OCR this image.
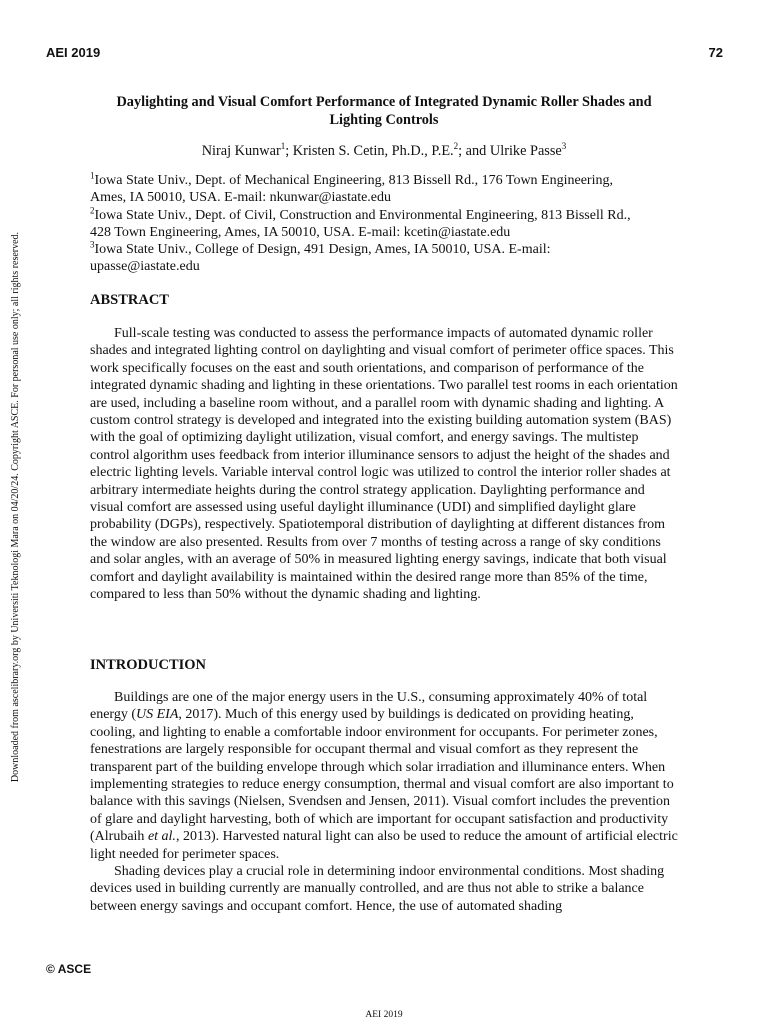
AEI 2019	72
Downloaded from ascelibrary.org by Universiti Teknologi Mara on 04/20/24. Copyright ASCE. For personal use only; all rights reserved.
Daylighting and Visual Comfort Performance of Integrated Dynamic Roller Shades and
Lighting Controls
Niraj Kunwar$^1$; Kristen S. Cetin, Ph.D., P.E.$^2$; and Ulrike Passe$^3$

$^1$Iowa State Univ., Dept. of Mechanical Engineering, 813 Bissell Rd., 176 Town Engineering,

Ames, IA 50010, USA. E-mail: nkunwar@iastate.edu

$^2$Iowa State Univ., Dept. of Civil, Construction and Environmental Engineering, 813 Bissell Rd.,

428 Town Engineering, Ames, IA 50010, USA. E-mail: kcetin@iastate.edu

$^3$Iowa State Univ., College of Design, 491 Design, Ames, IA 50010, USA. E-mail:

upasse@iastate.edu

ABSTRACT

Full-scale testing was conducted to assess the performance impacts of automated dynamic roller shades and integrated lighting control on daylighting and visual comfort of perimeter office spaces. This work specifically focuses on the east and south orientations, and comparison of performance of the integrated dynamic shading and lighting in these orientations. Two parallel test rooms in each orientation are used, including a baseline room without, and a parallel room with dynamic shading and lighting. A custom control strategy is developed and integrated into the existing building automation system (BAS) with the goal of optimizing daylight utilization, visual comfort, and energy savings. The multistep control algorithm uses feedback from interior illuminance sensors to adjust the height of the shades and electric lighting levels. Variable interval control logic was utilized to control the interior roller shades at arbitrary intermediate heights during the control strategy application. Daylighting performance and visual comfort are assessed using useful daylight illuminance (UDI) and simplified daylight glare probability (DGPs), respectively. Spatiotemporal distribution of daylighting at different distances from the window are also presented. Results from over 7 months of testing across a range of sky conditions and solar angles, with an average of 50% in measured lighting energy savings, indicate that both visual comfort and daylight availability is maintained within the desired range more than 85% of the time, compared to less than 50% without the dynamic shading and lighting.

INTRODUCTION

Buildings are one of the major energy users in the U.S., consuming approximately 40% of total energy (US EIA, 2017). Much of this energy used by buildings is dedicated on providing heating, cooling, and lighting to enable a comfortable indoor environment for occupants. For perimeter zones, fenestrations are largely responsible for occupant thermal and visual comfort as they represent the transparent part of the building envelope through which solar irradiation and illuminance enters. When implementing strategies to reduce energy consumption, thermal and visual comfort are also important to balance with this savings (Nielsen, Svendsen and Jensen, 2011). Visual comfort includes the prevention of glare and daylight harvesting, both of which are important for occupant satisfaction and productivity (Alrubaih et al., 2013). Harvested natural light can also be used to reduce the amount of artificial electric light needed for perimeter spaces.

Shading devices play a crucial role in determining indoor environmental conditions. Most shading devices used in building currently are manually controlled, and are thus not able to strike a balance between energy savings and occupant comfort. Hence, the use of automated shading

© ASCE
AEI 2019
